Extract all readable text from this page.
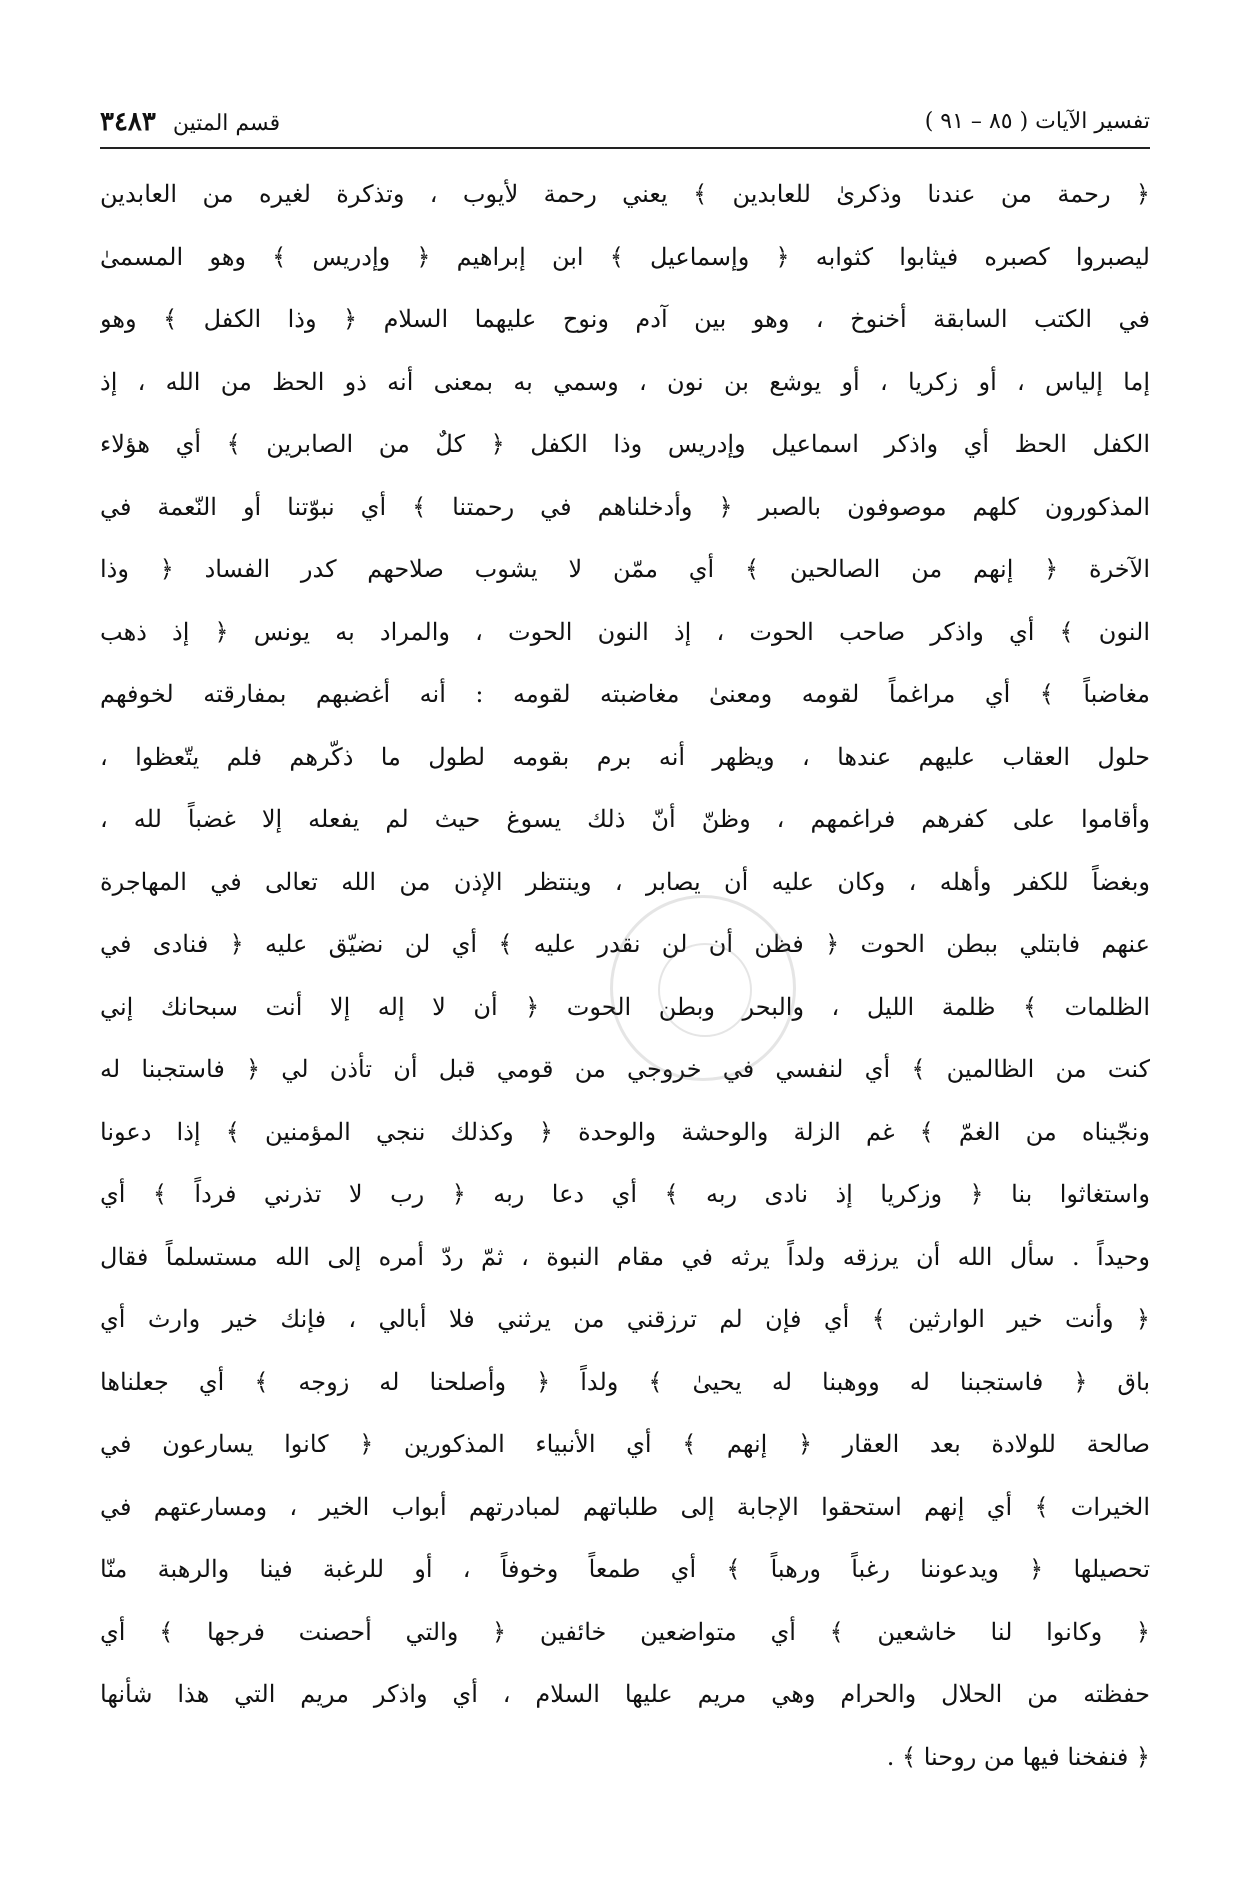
تفسير الآيات ( ٨٥ – ٩١ )
قسم المتين ٣٤٨٣
﴿ رحمة من عندنا وذكرىٰ للعابدين ﴾ يعني رحمة لأيوب ، وتذكرة لغيره من العابدين
ليصبروا كصبره فيثابوا كثوابه ﴿ وإسماعيل ﴾ ابن إبراهيم ﴿ وإدريس ﴾ وهو المسمىٰ
في الكتب السابقة أخنوخ ، وهو بين آدم ونوح عليهما السلام ﴿ وذا الكفل ﴾ وهو
إما إلياس ، أو زكريا ، أو يوشع بن نون ، وسمي به بمعنى أنه ذو الحظ من الله ، إذ
الكفل الحظ أي واذكر اسماعيل وإدريس وذا الكفل ﴿ كلٌ من الصابرين ﴾ أي هؤلاء
المذكورون كلهم موصوفون بالصبر ﴿ وأدخلناهم في رحمتنا ﴾ أي نبوّتنا أو النّعمة في
الآخرة ﴿ إنهم من الصالحين ﴾ أي ممّن لا يشوب صلاحهم كدر الفساد ﴿ وذا
النون ﴾ أي واذكر صاحب الحوت ، إذ النون الحوت ، والمراد به يونس ﴿ إذ ذهب
مغاضباً ﴾ أي مراغماً لقومه ومعنىٰ مغاضبته لقومه : أنه أغضبهم بمفارقته لخوفهم
حلول العقاب عليهم عندها ، ويظهر أنه برم بقومه لطول ما ذكّرهم فلم يتّعظوا ،
وأقاموا على كفرهم فراغمهم ، وظنّ أنّ ذلك يسوغ حيث لم يفعله إلا غضباً لله ،
وبغضاً للكفر وأهله ، وكان عليه أن يصابر ، وينتظر الإذن من الله تعالى في المهاجرة
عنهم فابتلي ببطن الحوت ﴿ فظن أن لن نقدر عليه ﴾ أي لن نضيّق عليه ﴿ فنادى في
الظلمات ﴾ ظلمة الليل ، والبحر وبطن الحوت ﴿ أن لا إله إلا أنت سبحانك إني
كنت من الظالمين ﴾ أي لنفسي في خروجي من قومي قبل أن تأذن لي ﴿ فاستجبنا له
ونجّيناه من الغمّ ﴾ غم الزلة والوحشة والوحدة ﴿ وكذلك ننجي المؤمنين ﴾ إذا دعونا
واستغاثوا بنا ﴿ وزكريا إذ نادى ربه ﴾ أي دعا ربه ﴿ رب لا تذرني فرداً ﴾ أي
وحيداً . سأل الله أن يرزقه ولداً يرثه في مقام النبوة ، ثمّ ردّ أمره إلى الله مستسلماً فقال
﴿ وأنت خير الوارثين ﴾ أي فإن لم ترزقني من يرثني فلا أبالي ، فإنك خير وارث أي
باق ﴿ فاستجبنا له ووهبنا له يحيىٰ ﴾ ولداً ﴿ وأصلحنا له زوجه ﴾ أي جعلناها
صالحة للولادة بعد العقار ﴿ إنهم ﴾ أي الأنبياء المذكورين ﴿ كانوا يسارعون في
الخيرات ﴾ أي إنهم استحقوا الإجابة إلى طلباتهم لمبادرتهم أبواب الخير ، ومسارعتهم في
تحصيلها ﴿ ويدعوننا رغباً ورهباً ﴾ أي طمعاً وخوفاً ، أو للرغبة فينا والرهبة منّا
﴿ وكانوا لنا خاشعين ﴾ أي متواضعين خائفين ﴿ والتي أحصنت فرجها ﴾ أي
حفظته من الحلال والحرام وهي مريم عليها السلام ، أي واذكر مريم التي هذا شأنها
﴿ فنفخنا فيها من روحنا ﴾ .
